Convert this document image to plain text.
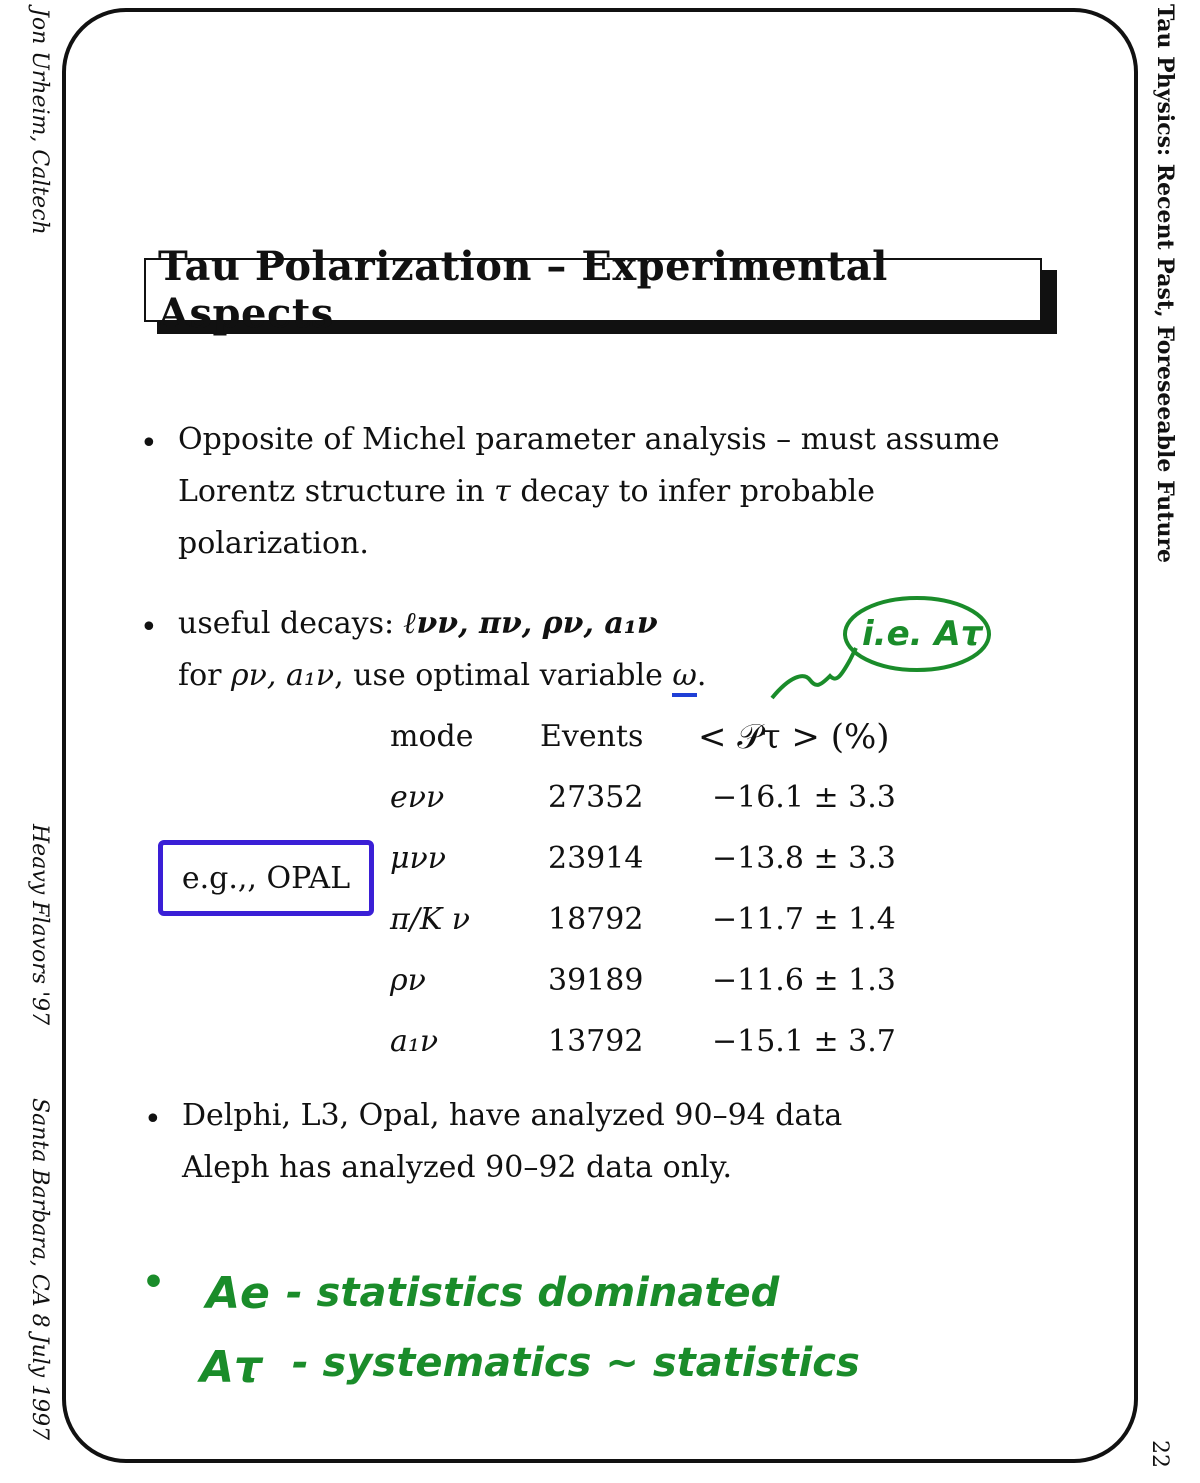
Jon Urheim, Caltech
Heavy Flavors '97
Santa Barbara, CA 8 July 1997
Tau Physics: Recent Past, Foreseeable Future
22
Tau Polarization – Experimental Aspects
• Opposite of Michel parameter analysis – must assume
Lorentz structure in τ decay to infer probable
polarization.
• useful decays: ℓνν, πν, ρν, a₁ν
for ρν, a₁ν, use optimal variable ω.
i.e. Aτ
mode	Events	< 𝒫τ > (%)
eνν	27352	−16.1 ± 3.3
μνν	23914	−13.8 ± 3.3
π/K ν	18792	−11.7 ± 1.4
ρν	39189	−11.6 ± 1.3
a₁ν	13792	−15.1 ± 3.7
e.g.,, OPAL
• Delphi, L3, Opal, have analyzed 90–94 data
Aleph has analyzed 90–92 data only.
• Ae - statistics dominated
Aτ - systematics ~ statistics
